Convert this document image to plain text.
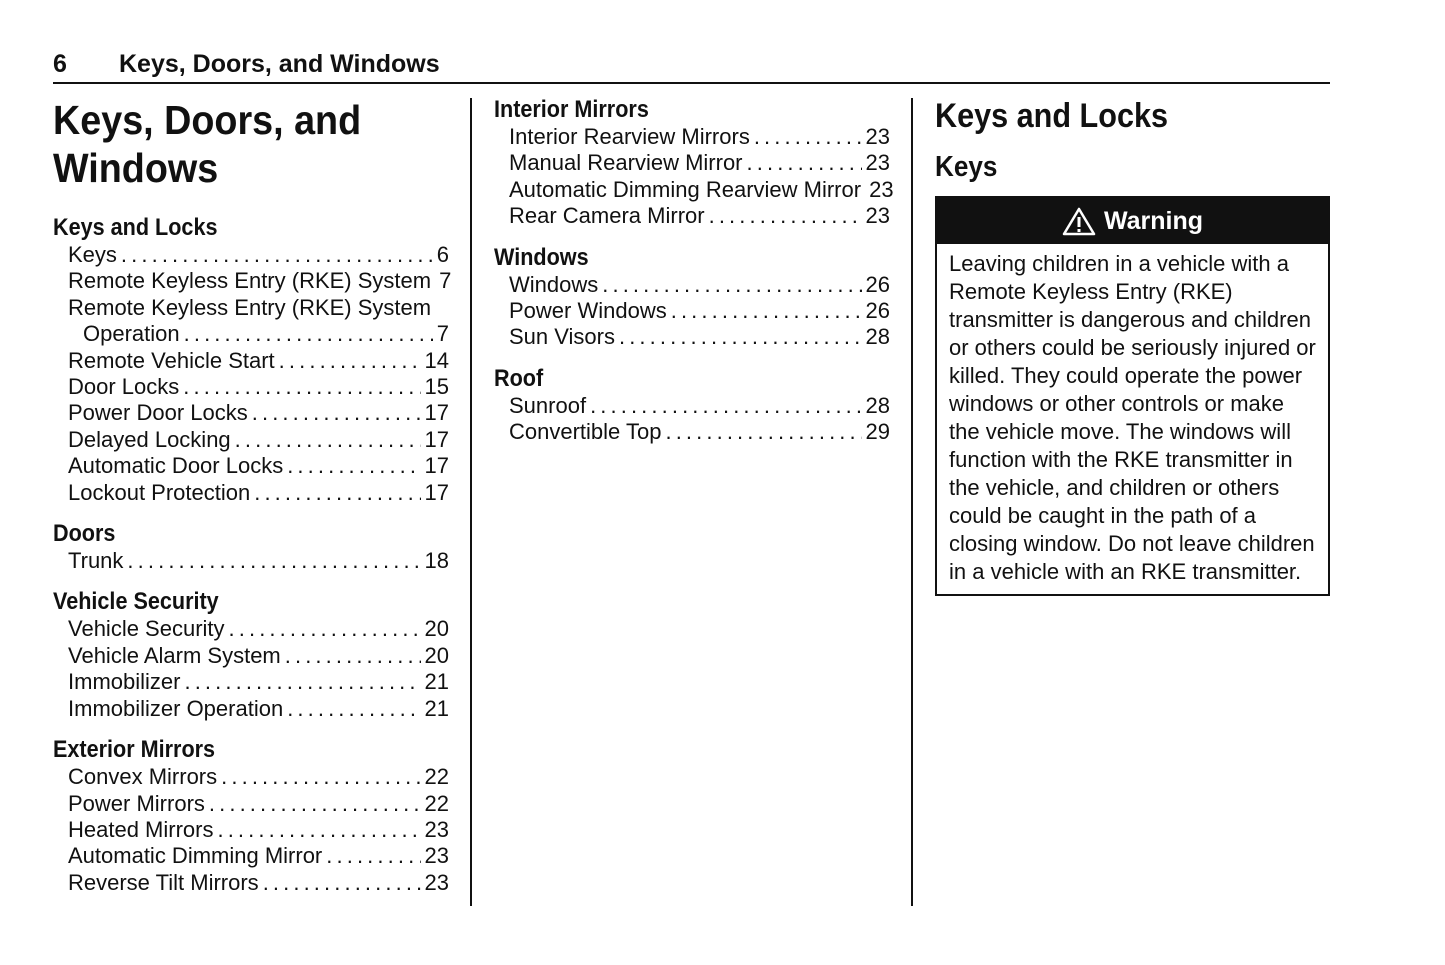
6 Keys, Doors, and Windows
Keys, Doors, and Windows
Keys and Locks
Keys . . .	6
Remote Keyless Entry (RKE) System 7
Remote Keyless Entry (RKE) System
Operation . . .	7
Remote Vehicle Start . . .	14
Door Locks . . .	15
Power Door Locks . . .	17
Delayed Locking . . .	17
Automatic Door Locks . . .	17
Lockout Protection . . .	17
Doors
Trunk . . .	18
Vehicle Security
Vehicle Security . . .	20
Vehicle Alarm System . . .	20
Immobilizer . . .	21
Immobilizer Operation . . .	21
Exterior Mirrors
Convex Mirrors . . .	22
Power Mirrors . . .	22
Heated Mirrors . . .	23
Automatic Dimming Mirror . . .	23
Reverse Tilt Mirrors . . .	23
Interior Mirrors
Interior Rearview Mirrors . . .	23
Manual Rearview Mirror . . .	23
Automatic Dimming Rearview Mirror 23
Rear Camera Mirror . . .	23
Windows
Windows . . .	26
Power Windows . . .	26
Sun Visors . . .	28
Roof
Sunroof . . .	28
Convertible Top . . .	29
Keys and Locks
Keys
Warning
Leaving children in a vehicle with a Remote Keyless Entry (RKE) transmitter is dangerous and children or others could be seriously injured or killed. They could operate the power windows or other controls or make the vehicle move. The windows will function with the RKE transmitter in the vehicle, and children or others could be caught in the path of a closing window. Do not leave children in a vehicle with an RKE transmitter.
